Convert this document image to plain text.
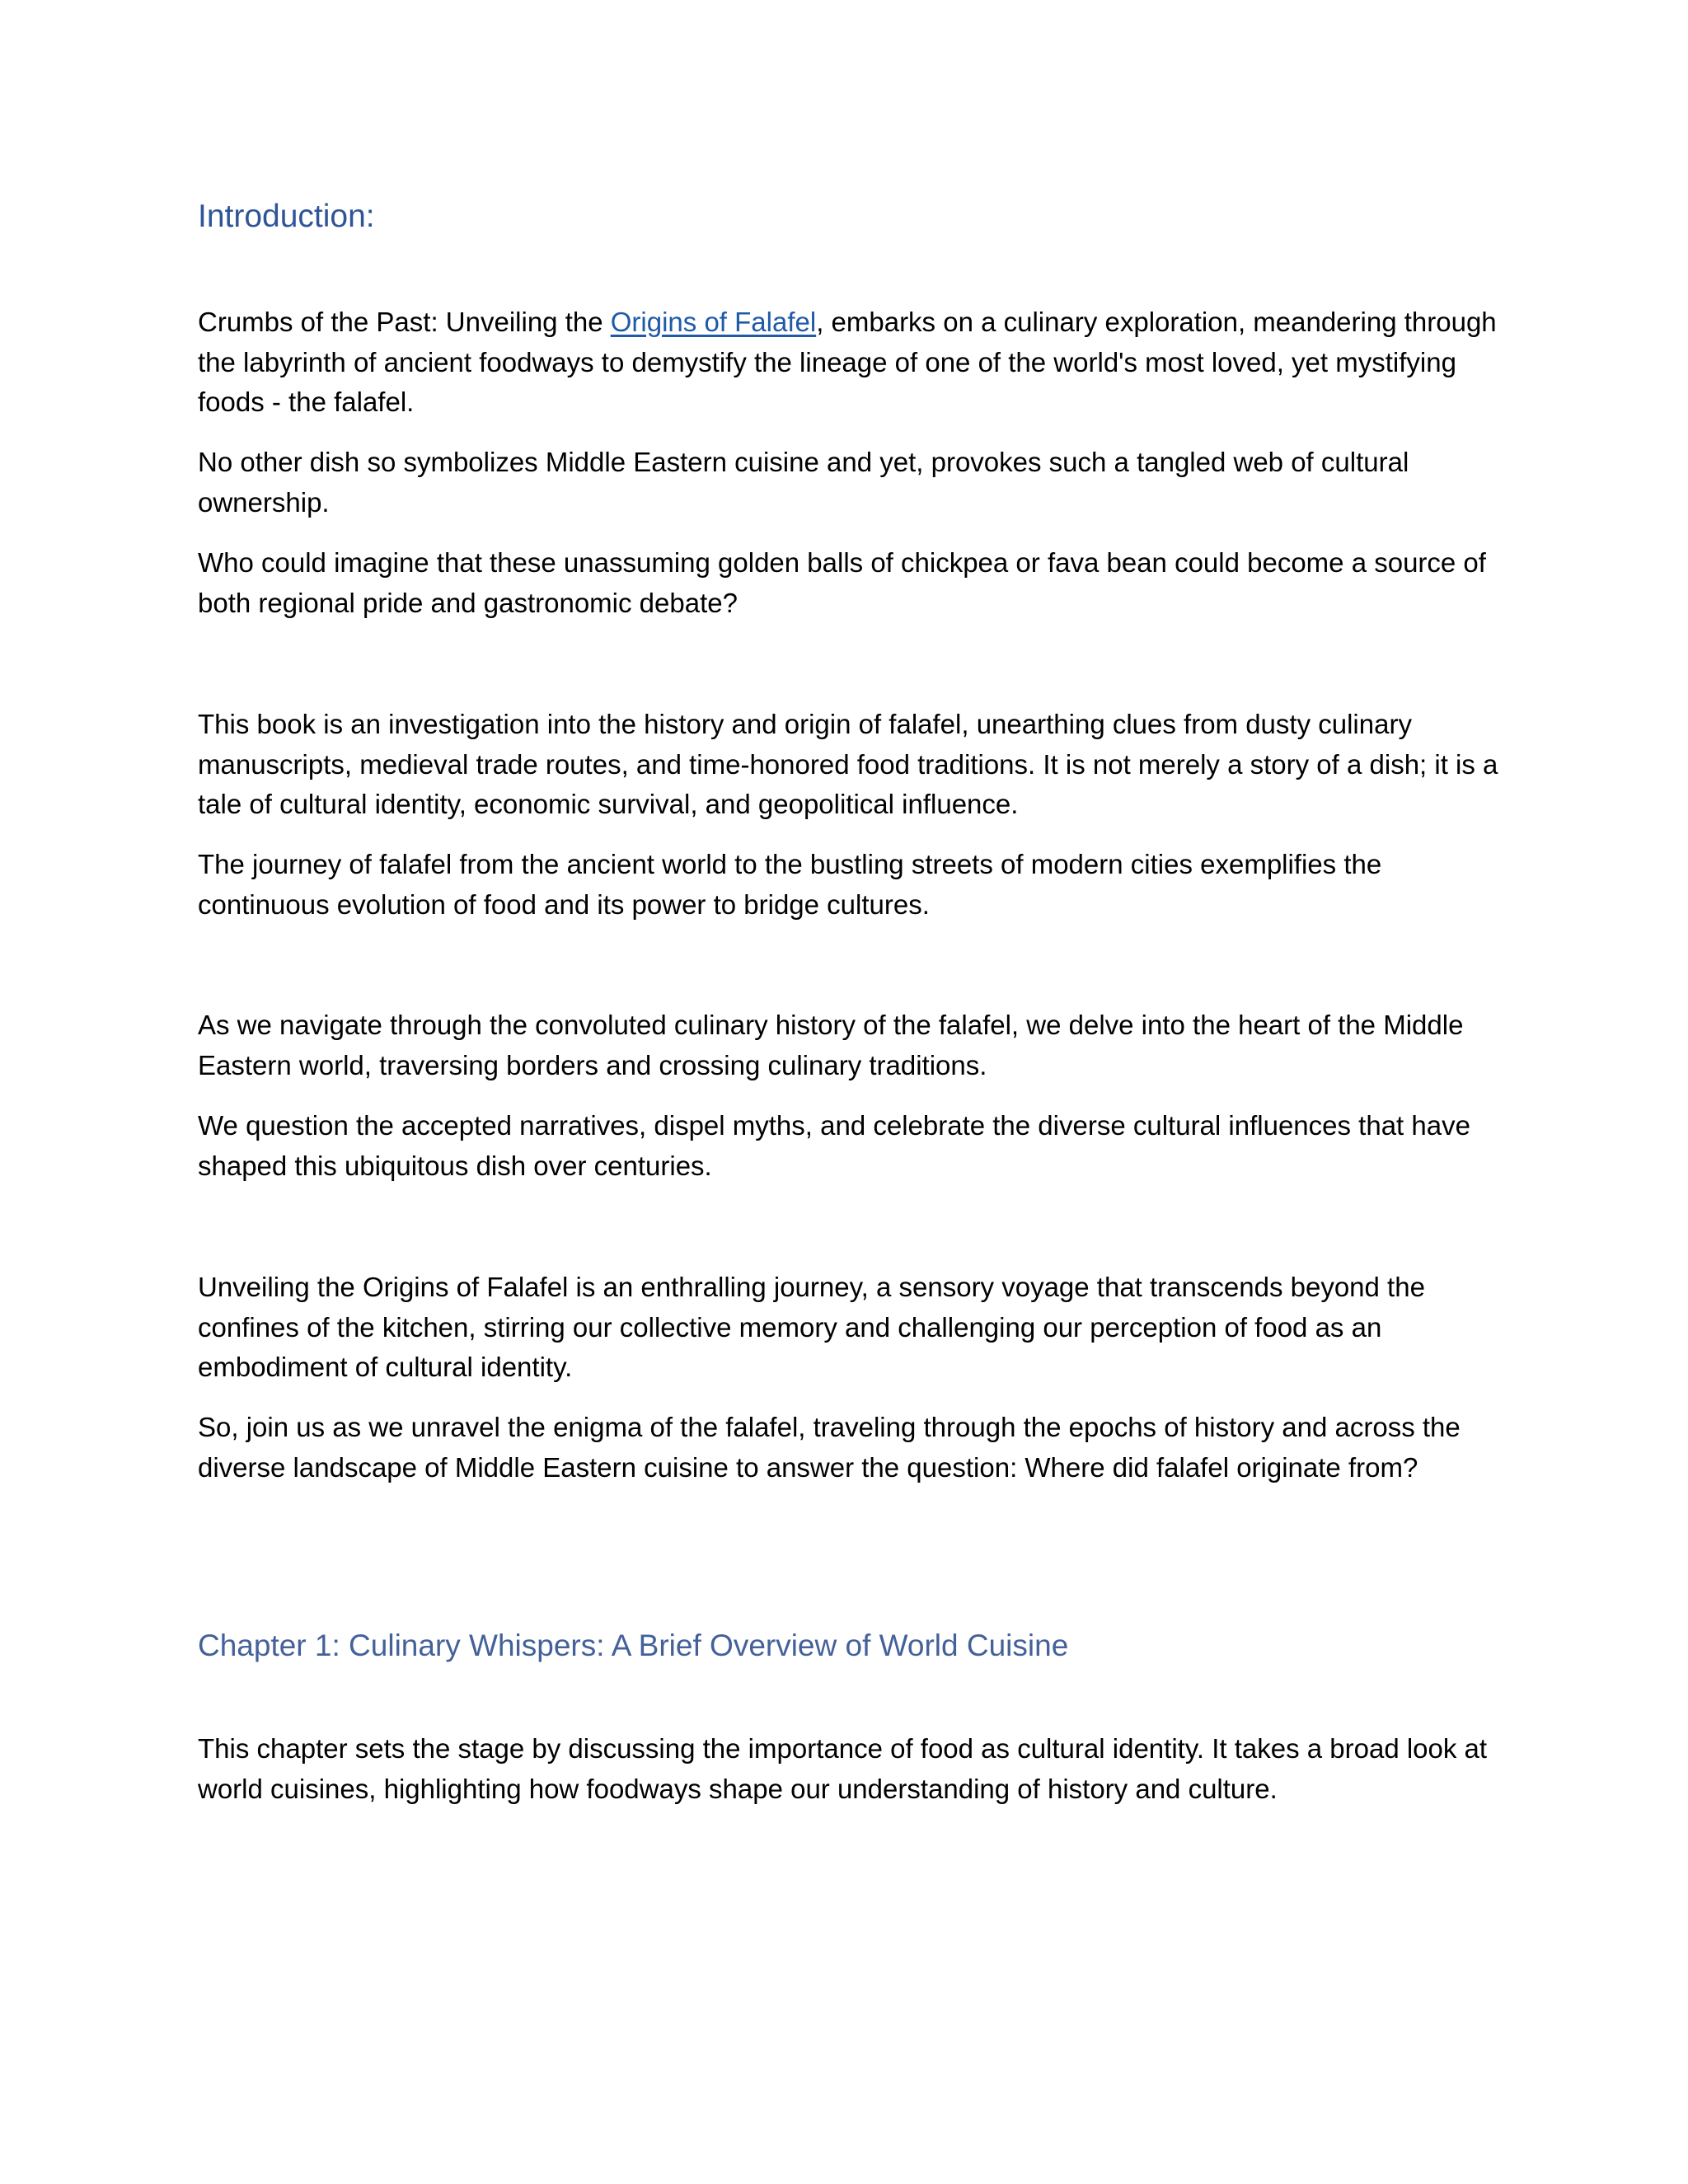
Introduction:

Crumbs of the Past: Unveiling the Origins of Falafel, embarks on a culinary exploration, meandering through the labyrinth of ancient foodways to demystify the lineage of one of the world's most loved, yet mystifying foods - the falafel.

No other dish so symbolizes Middle Eastern cuisine and yet, provokes such a tangled web of cultural ownership.

Who could imagine that these unassuming golden balls of chickpea or fava bean could become a source of both regional pride and gastronomic debate?

This book is an investigation into the history and origin of falafel, unearthing clues from dusty culinary manuscripts, medieval trade routes, and time-honored food traditions. It is not merely a story of a dish; it is a tale of cultural identity, economic survival, and geopolitical influence.

The journey of falafel from the ancient world to the bustling streets of modern cities exemplifies the continuous evolution of food and its power to bridge cultures.

As we navigate through the convoluted culinary history of the falafel, we delve into the heart of the Middle Eastern world, traversing borders and crossing culinary traditions.

We question the accepted narratives, dispel myths, and celebrate the diverse cultural influences that have shaped this ubiquitous dish over centuries.

Unveiling the Origins of Falafel is an enthralling journey, a sensory voyage that transcends beyond the confines of the kitchen, stirring our collective memory and challenging our perception of food as an embodiment of cultural identity.

So, join us as we unravel the enigma of the falafel, traveling through the epochs of history and across the diverse landscape of Middle Eastern cuisine to answer the question: Where did falafel originate from?

Chapter 1: Culinary Whispers: A Brief Overview of World Cuisine

This chapter sets the stage by discussing the importance of food as cultural identity. It takes a broad look at world cuisines, highlighting how foodways shape our understanding of history and culture.
